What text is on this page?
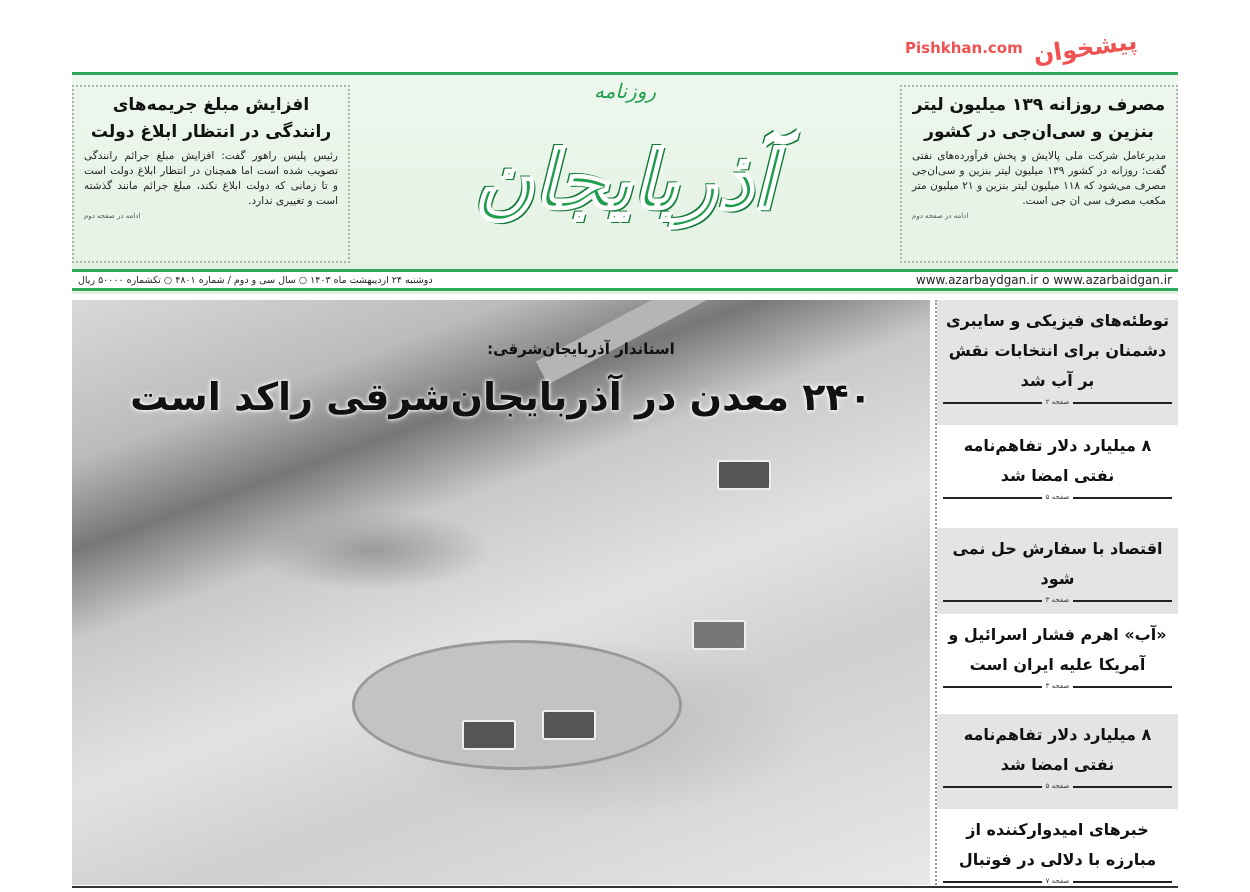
افزایش مبلغ جریمه‌های رانندگی در انتظار ابلاغ دولت

رئیس پلیس راهور گفت: افزایش مبلغ جرائم رانندگی تصویب شده است اما همچنان در انتظار ابلاغ دولت است و تا زمانی که دولت ابلاغ نکند، مبلغ جرائم مانند گذشته است و تغییری ندارد.

ادامه در صفحه دوم	آذربایجان
روزنامه
مصرف روزانه ۱۳۹ میلیون لیتر بنزین و سی‌ان‌جی در کشور

مدیرعامل شرکت ملی پالایش و پخش فرآورده‌های نفتی گفت: روزانه در کشور ۱۳۹ میلیون لیتر بنزین و سی‌ان‌جی مصرف می‌شود که ۱۱۸ میلیون لیتر بنزین و ۲۱ میلیون متر مکعب مصرف سی ان جی است.

ادامه در صفحه دوم
www.azarbaydgan.ir o www.azarbaidgan.ir
دوشنبه ۲۴ اردیبهشت ماه ۱۴۰۳ ○ سال سی و دوم / شماره ۴۸۰۱ ○ تکشماره ۵۰۰۰۰ ریال
Pishkhan.com پیشخوان
استاندار آذربایجان‌شرقی:
۲۴۰ معدن در آذربایجان‌شرقی راکد است
توطئه‌های فیزیکی و سایبری دشمنان برای انتخابات نقش بر آب شد
صفحه ۲
۸ میلیارد دلار تفاهم‌نامه نفتی امضا شد
صفحه ۵
اقتصاد با سفارش حل نمی شود
صفحه ۳
«آب» اهرم فشار اسرائیل و آمریکا علیه ایران است
صفحه ۳
۸ میلیارد دلار تفاهم‌نامه نفتی امضا شد
صفحه ۵
خبرهای امیدوارکننده از مبارزه با دلالی در فوتبال
صفحه ۷
